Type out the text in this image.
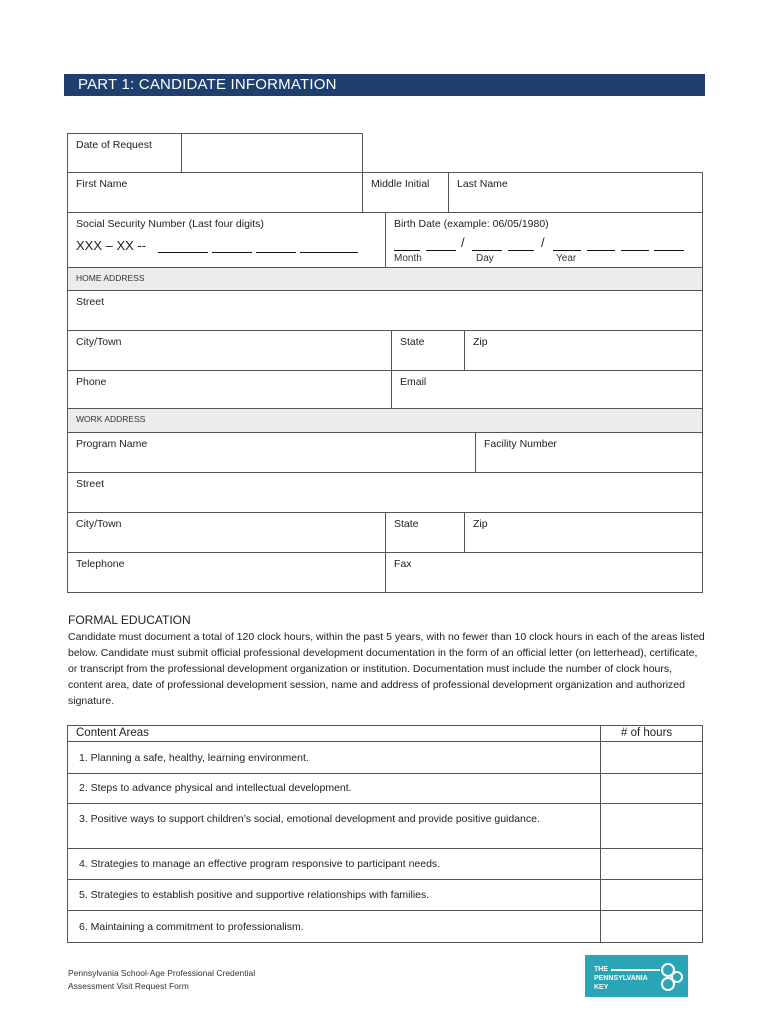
PART 1: CANDIDATE INFORMATION
Date of Request
First Name	Middle Initial	Last Name
Social Security Number (Last four digits)
XXX – XX --
Birth Date (example: 06/05/1980)
/	/
Month	Day	Year
HOME ADDRESS
Street
City/Town	State	Zip
Phone	Email
WORK ADDRESS
Program Name	Facility Number
Street
City/Town	State	Zip
Telephone	Fax
FORMAL EDUCATION

Candidate must document a total of 120 clock hours, within the past 5 years, with no fewer than 10 clock hours in each of the areas listed below. Candidate must submit official professional development documentation in the form of an official letter (on letterhead), certificate, or transcript from the professional development organization or institution. Documentation must include the number of clock hours, content area, date of professional development session, name and address of professional development organization and authorized signature.

Content Areas	# of hours
1. Planning a safe, healthy, learning environment.
2. Steps to advance physical and intellectual development.
3. Positive ways to support children’s social, emotional development and provide positive guidance.
4. Strategies to manage an effective program responsive to participant needs.
5. Strategies to establish positive and supportive relationships with families.
6. Maintaining a commitment to professionalism.
Pennsylvania School-Age Professional Credential
Assessment Visit Request Form
THE
PENNSYLVANIA
KEY
